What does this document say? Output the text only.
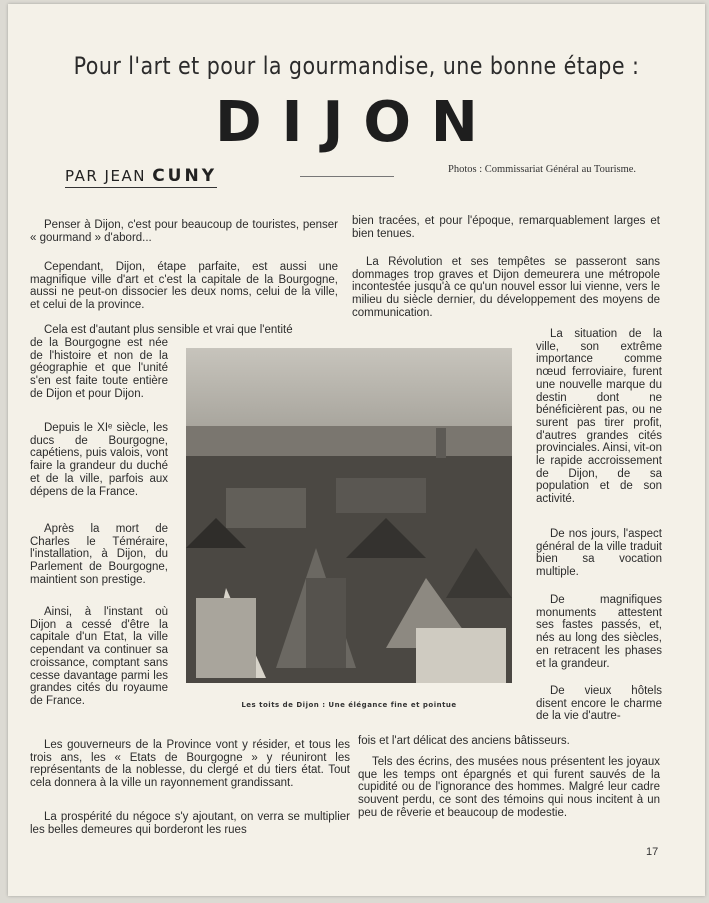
Pour l'art et pour la gourmandise, une bonne étape :
DIJON
PAR JEAN CUNY	Photos : Commissariat Général au Tourisme.

Penser à Dijon, c'est pour beaucoup de touristes, penser « gourmand » d'abord...

Cependant, Dijon, étape parfaite, est aussi une magnifique ville d'art et c'est la capitale de la Bourgogne, aussi ne peut-on dissocier les deux noms, celui de la ville, et celui de la province.

Cela est d'autant plus sensible et vrai que l'entité

de la Bourgogne est née de l'histoire et non de la géographie et que l'unité s'en est faite toute entière de Dijon et pour Dijon.

Depuis le XIᵉ siècle, les ducs de Bourgogne, capétiens, puis valois, vont faire la grandeur du duché et de la ville, parfois aux dépens de la France.

Après la mort de Charles le Téméraire, l'installation, à Dijon, du Parlement de Bourgogne, maintient son prestige.

Ainsi, à l'instant où Dijon a cessé d'être la capitale d'un Etat, la ville cependant va continuer sa croissance, comptant sans cesse davantage parmi les grandes cités du royaume de France.	Les toits de Dijon : Une élégance fine et pointue

Les gouverneurs de la Province vont y résider, et tous les trois ans, les « Etats de Bourgogne » y réuniront les représentants de la noblesse, du clergé et du tiers état. Tout cela donnera à la ville un rayonnement grandissant.

La prospérité du négoce s'y ajoutant, on verra se multiplier les belles demeures qui borderont les rues

bien tracées, et pour l'époque, remarquablement larges et bien tenues.

La Révolution et ses tempêtes se passeront sans dommages trop graves et Dijon demeurera une métropole incontestée jusqu'à ce qu'un nouvel essor lui vienne, vers le milieu du siècle dernier, du développement des moyens de communication.

La situation de la ville, son extrême importance comme nœud ferroviaire, furent une nouvelle marque du destin dont ne bénéficièrent pas, ou ne surent pas tirer profit, d'autres grandes cités provinciales. Ainsi, vit-on le rapide accroissement de Dijon, de sa population et de son activité.

De nos jours, l'aspect général de la ville traduit bien sa vocation multiple.

De magnifiques monuments attestent ses fastes passés, et, nés au long des siècles, en retracent les phases et la grandeur.

De vieux hôtels disent encore le charme de la vie d'autre-

fois et l'art délicat des anciens bâtisseurs.

Tels des écrins, des musées nous présentent les joyaux que les temps ont épargnés et qui furent sauvés de la cupidité ou de l'ignorance des hommes. Malgré leur cadre souvent perdu, ce sont des témoins qui nous incitent à un peu de rêverie et beaucoup de modestie.

17
